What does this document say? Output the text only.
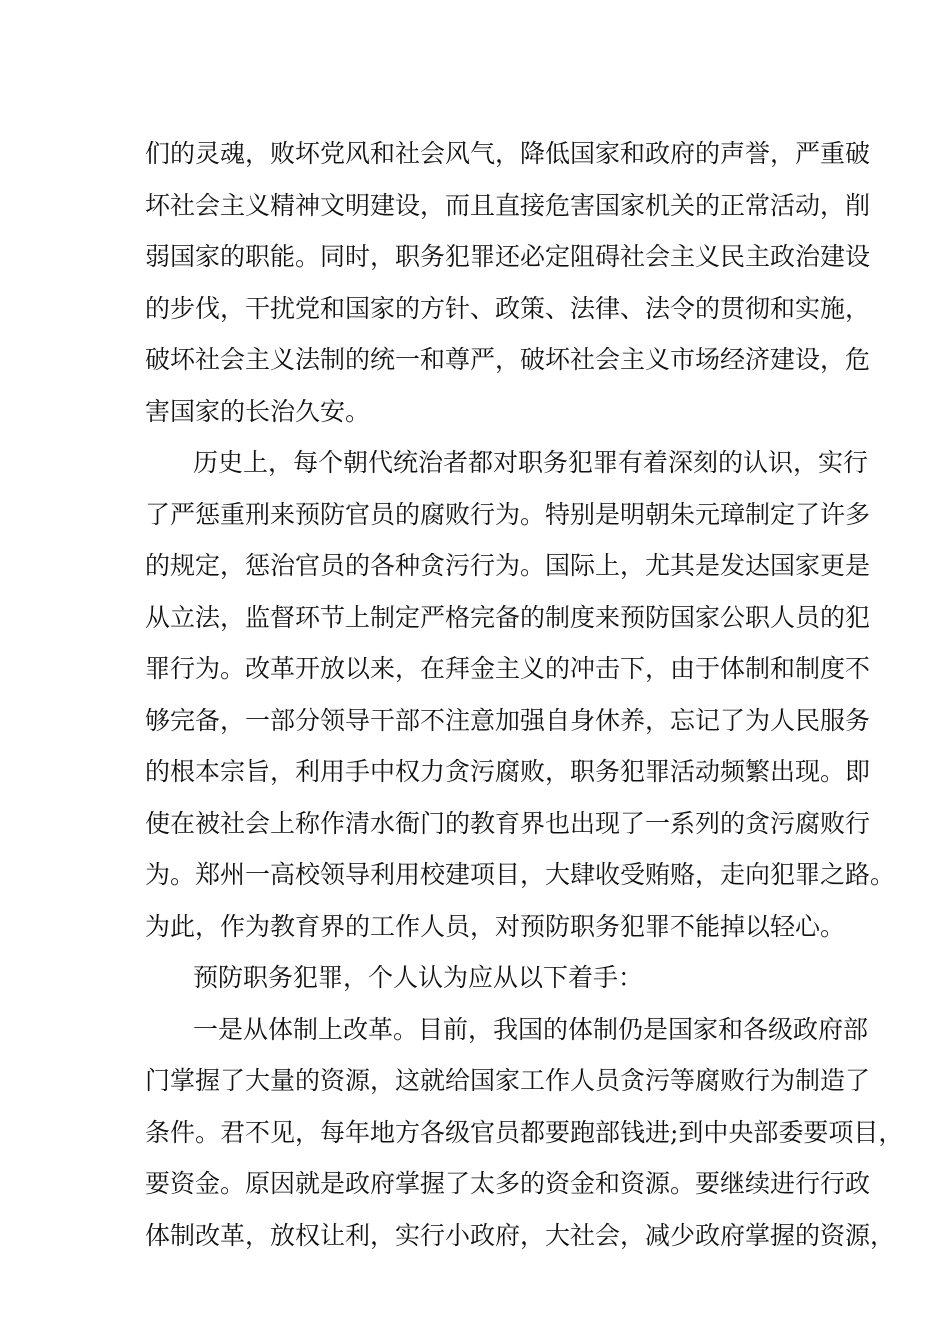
们的灵魂，败坏党风和社会风气，降低国家和政府的声誉，严重破
坏社会主义精神文明建设，而且直接危害国家机关的正常活动，削
弱国家的职能。同时，职务犯罪还必定阻碍社会主义民主政治建设
的步伐，干扰党和国家的方针、政策、法律、法令的贯彻和实施，
破坏社会主义法制的统一和尊严，破坏社会主义市场经济建设，危
害国家的长治久安。
历史上，每个朝代统治者都对职务犯罪有着深刻的认识，实行
了严惩重刑来预防官员的腐败行为。特别是明朝朱元璋制定了许多
的规定，惩治官员的各种贪污行为。国际上，尤其是发达国家更是
从立法，监督环节上制定严格完备的制度来预防国家公职人员的犯
罪行为。改革开放以来，在拜金主义的冲击下，由于体制和制度不
够完备，一部分领导干部不注意加强自身休养，忘记了为人民服务
的根本宗旨，利用手中权力贪污腐败，职务犯罪活动频繁出现。即
使在被社会上称作清水衙门的教育界也出现了一系列的贪污腐败行
为。郑州一高校领导利用校建项目，大肆收受贿赂，走向犯罪之路。
为此，作为教育界的工作人员，对预防职务犯罪不能掉以轻心。
预防职务犯罪，个人认为应从以下着手：
一是从体制上改革。目前，我国的体制仍是国家和各级政府部
门掌握了大量的资源，这就给国家工作人员贪污等腐败行为制造了
条件。君不见，每年地方各级官员都要跑部钱进;到中央部委要项目，
要资金。原因就是政府掌握了太多的资金和资源。要继续进行行政
体制改革，放权让利，实行小政府，大社会，减少政府掌握的资源，
